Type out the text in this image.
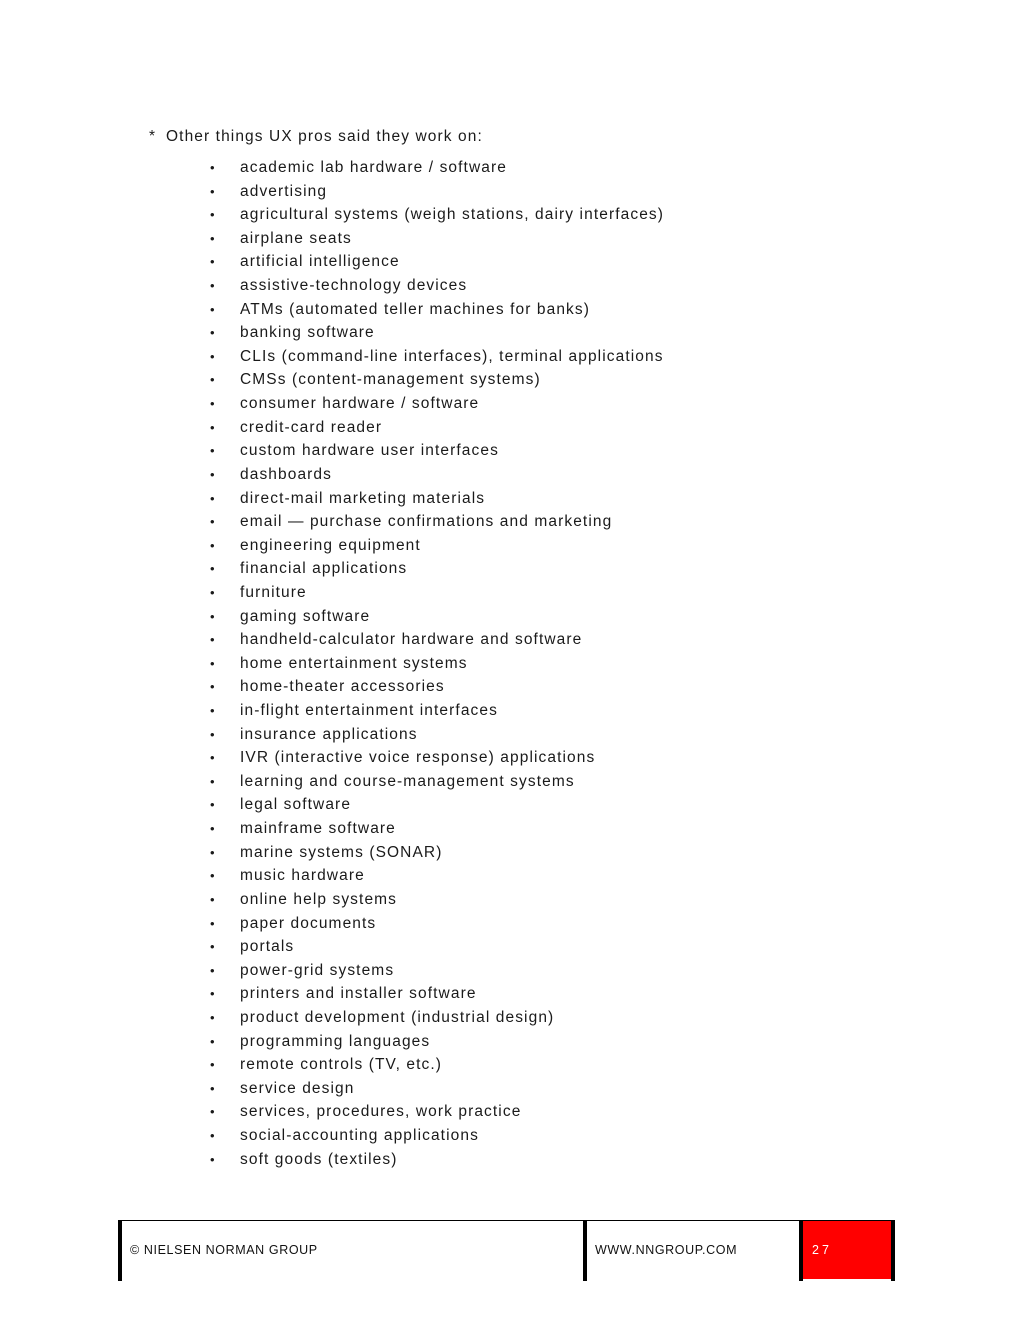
* Other things UX pros said they work on:
• academic lab hardware / software
• advertising
• agricultural systems (weigh stations, dairy interfaces)
• airplane seats
• artificial intelligence
• assistive-technology devices
• ATMs (automated teller machines for banks)
• banking software
• CLIs (command-line interfaces), terminal applications
• CMSs (content-management systems)
• consumer hardware / software
• credit-card reader
• custom hardware user interfaces
• dashboards
• direct-mail marketing materials
• email — purchase confirmations and marketing
• engineering equipment
• financial applications
• furniture
• gaming software
• handheld-calculator hardware and software
• home entertainment systems
• home-theater accessories
• in-flight entertainment interfaces
• insurance applications
• IVR (interactive voice response) applications
• learning and course-management systems
• legal software
• mainframe software
• marine systems (SONAR)
• music hardware
• online help systems
• paper documents
• portals
• power-grid systems
• printers and installer software
• product development (industrial design)
• programming languages
• remote controls (TV, etc.)
• service design
• services, procedures, work practice
• social-accounting applications
• soft goods (textiles)
© NIELSEN NORMAN GROUP	WWW.NNGROUP.COM	27
